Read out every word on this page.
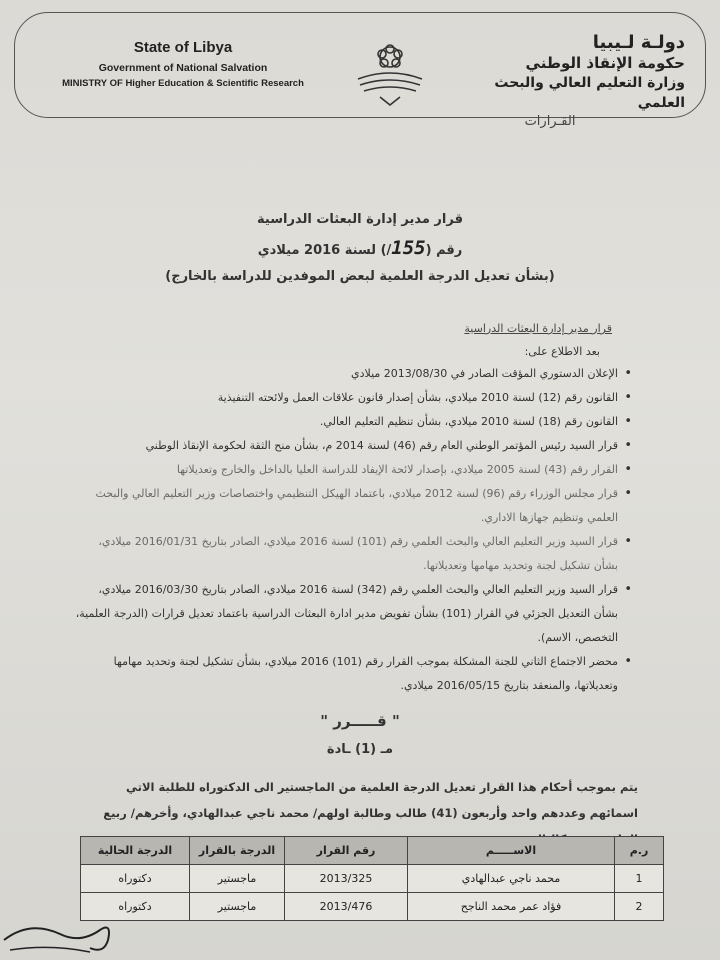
State of Libya
Government of National Salvation
MINISTRY OF Higher Education & Scientific Research
دولـة لـيبيا
حكومة الإنقاذ الوطني
وزارة التعليم العالي والبحث العلمي
القـرارات
قرار مدير إدارة البعثات الدراسية
رقم (155/) لسنة 2016 ميلادي
(بشأن تعديل الدرجة العلمية لبعض الموفدين للدراسة بالخارج)
قرار مدير إدارة البعثات الدراسية
بعد الاطلاع على:
• الإعلان الدستوري المؤقت الصادر في 2013/08/30 ميلادي
• القانون رقم (12) لسنة 2010 ميلادي، بشأن إصدار قانون علاقات العمل ولائحته التنفيذية
• القانون رقم (18) لسنة 2010 ميلادي، بشأن تنظيم التعليم العالي.
• قرار السيد رئيس المؤتمر الوطني العام رقم (46) لسنة 2014 م، بشأن منح الثقة لحكومة الإنقاذ الوطني
• القرار رقم (43) لسنة 2005 ميلادي، بإصدار لائحة الإيفاد للدراسة العليا بالداخل والخارج وتعديلاتها
• قرار مجلس الوزراء رقم (96) لسنة 2012 ميلادي، باعتماد الهيكل التنظيمي واختصاصات وزير التعليم العالي والبحث العلمي وتنظيم جهازها الاداري.
• قرار السيد وزير التعليم العالي والبحث العلمي رقم (101) لسنة 2016 ميلادي، الصادر بتاريخ 2016/01/31 ميلادي، بشأن تشكيل لجنة وتحديد مهامها وتعديلاتها.
• قرار السيد وزير التعليم العالي والبحث العلمي رقم (342) لسنة 2016 ميلادي، الصادر بتاريخ 2016/03/30 ميلادي، بشأن التعديل الجزئي في القرار (101) بشأن تفويض مدير ادارة البعثات الدراسية باعتماد تعديل قرارات (الدرجة العلمية، التخصص، الاسم).
• محضر الاجتماع الثاني للجنة المشكلة بموجب القرار رقم (101) 2016 ميلادي، بشأن تشكيل لجنة وتحديد مهامها وتعديلاتها، والمنعقد بتاريخ 2016/05/15 ميلادي.
" قـــــرر "
مـ (1) ـادة
يتم بموجب أحكام هذا القرار تعديل الدرجة العلمية من الماجستير الى الدكتوراه للطلبة الاتي اسمائهم وعددهم واحد وأربعون (41) طالب وطالبة اولهم/ محمد ناجي عبدالهادي، وأخرهم/ ربيع
ر.م	الاســـــم	رقم القرار	الدرجة بالقرار	الدرجة الحالية
1	محمد ناجي عبدالهادي	2013/325	ماجستير	دكتوراه
2	فؤاد عمر محمد الناجح	2013/476	ماجستير	دكتوراه
